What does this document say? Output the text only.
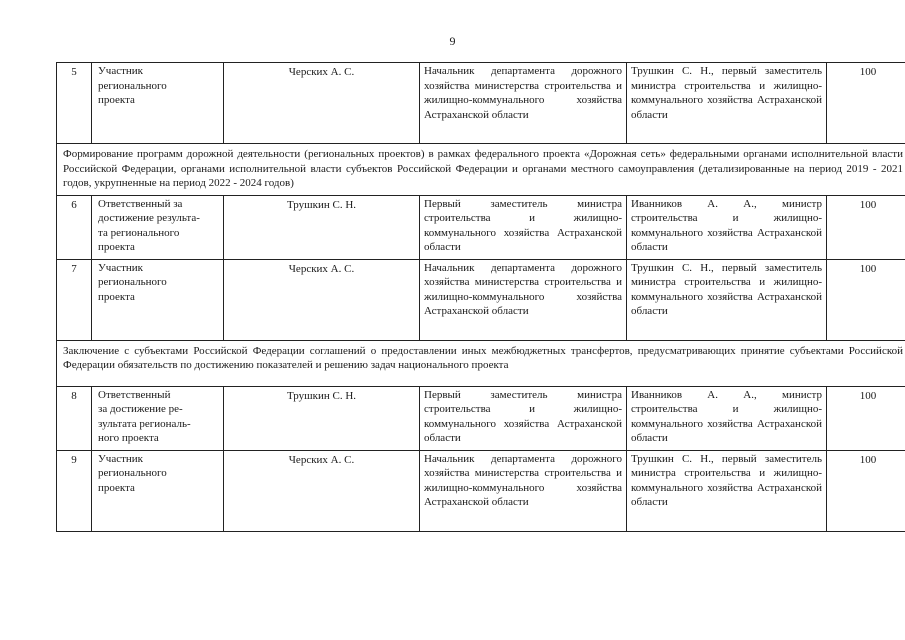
9
5	Участник
регионального
проекта	Черских А. С.	Начальник департамента дорожного хозяйства министерства строительства и жилищно-коммунального хозяйства Астраханской области	Трушкин С. Н., первый заместитель министра строительства и жилищно-коммунального хозяйства Астраханской области	100
Формирование программ дорожной деятельности (региональных проектов) в рамках федерального проекта «Дорожная сеть» федеральными органами исполнительной власти Российской Федерации, органами исполнительной власти субъектов Российской Федерации и органами местного самоуправления (детализированные на период 2019 - 2021 годов, укрупненные на период 2022 - 2024 годов)					
6	Ответственный за
достижение результа-
та регионального
проекта	Трушкин С. Н.	Первый заместитель министра строительства и жилищно-коммунального хозяйства Астраханской области	Иванников А. А., министр строительства и жилищно-коммунального хозяйства Астраханской области	100
7	Участник
регионального
проекта	Черских А. С.	Начальник департамента дорожного хозяйства министерства строительства и жилищно-коммунального хозяйства Астраханской области	Трушкин С. Н., первый заместитель министра строительства и жилищно-коммунального хозяйства Астраханской области	100
Заключение с субъектами Российской Федерации соглашений о предоставлении иных межбюджетных трансфертов, предусматривающих принятие субъектами Российской Федерации обязательств по достижению показателей и решению задач национального проекта					
8	Ответственный
за достижение ре-
зультата региональ-
ного проекта	Трушкин С. Н.	Первый заместитель министра строительства и жилищно-коммунального хозяйства Астраханской области	Иванников А. А., министр строительства и жилищно-коммунального хозяйства Астраханской области	100
9	Участник
регионального
проекта	Черских А. С.	Начальник департамента дорожного хозяйства министерства строительства и жилищно-коммунального хозяйства Астраханской области	Трушкин С. Н., первый заместитель министра строительства и жилищно-коммунального хозяйства Астраханской области	100
